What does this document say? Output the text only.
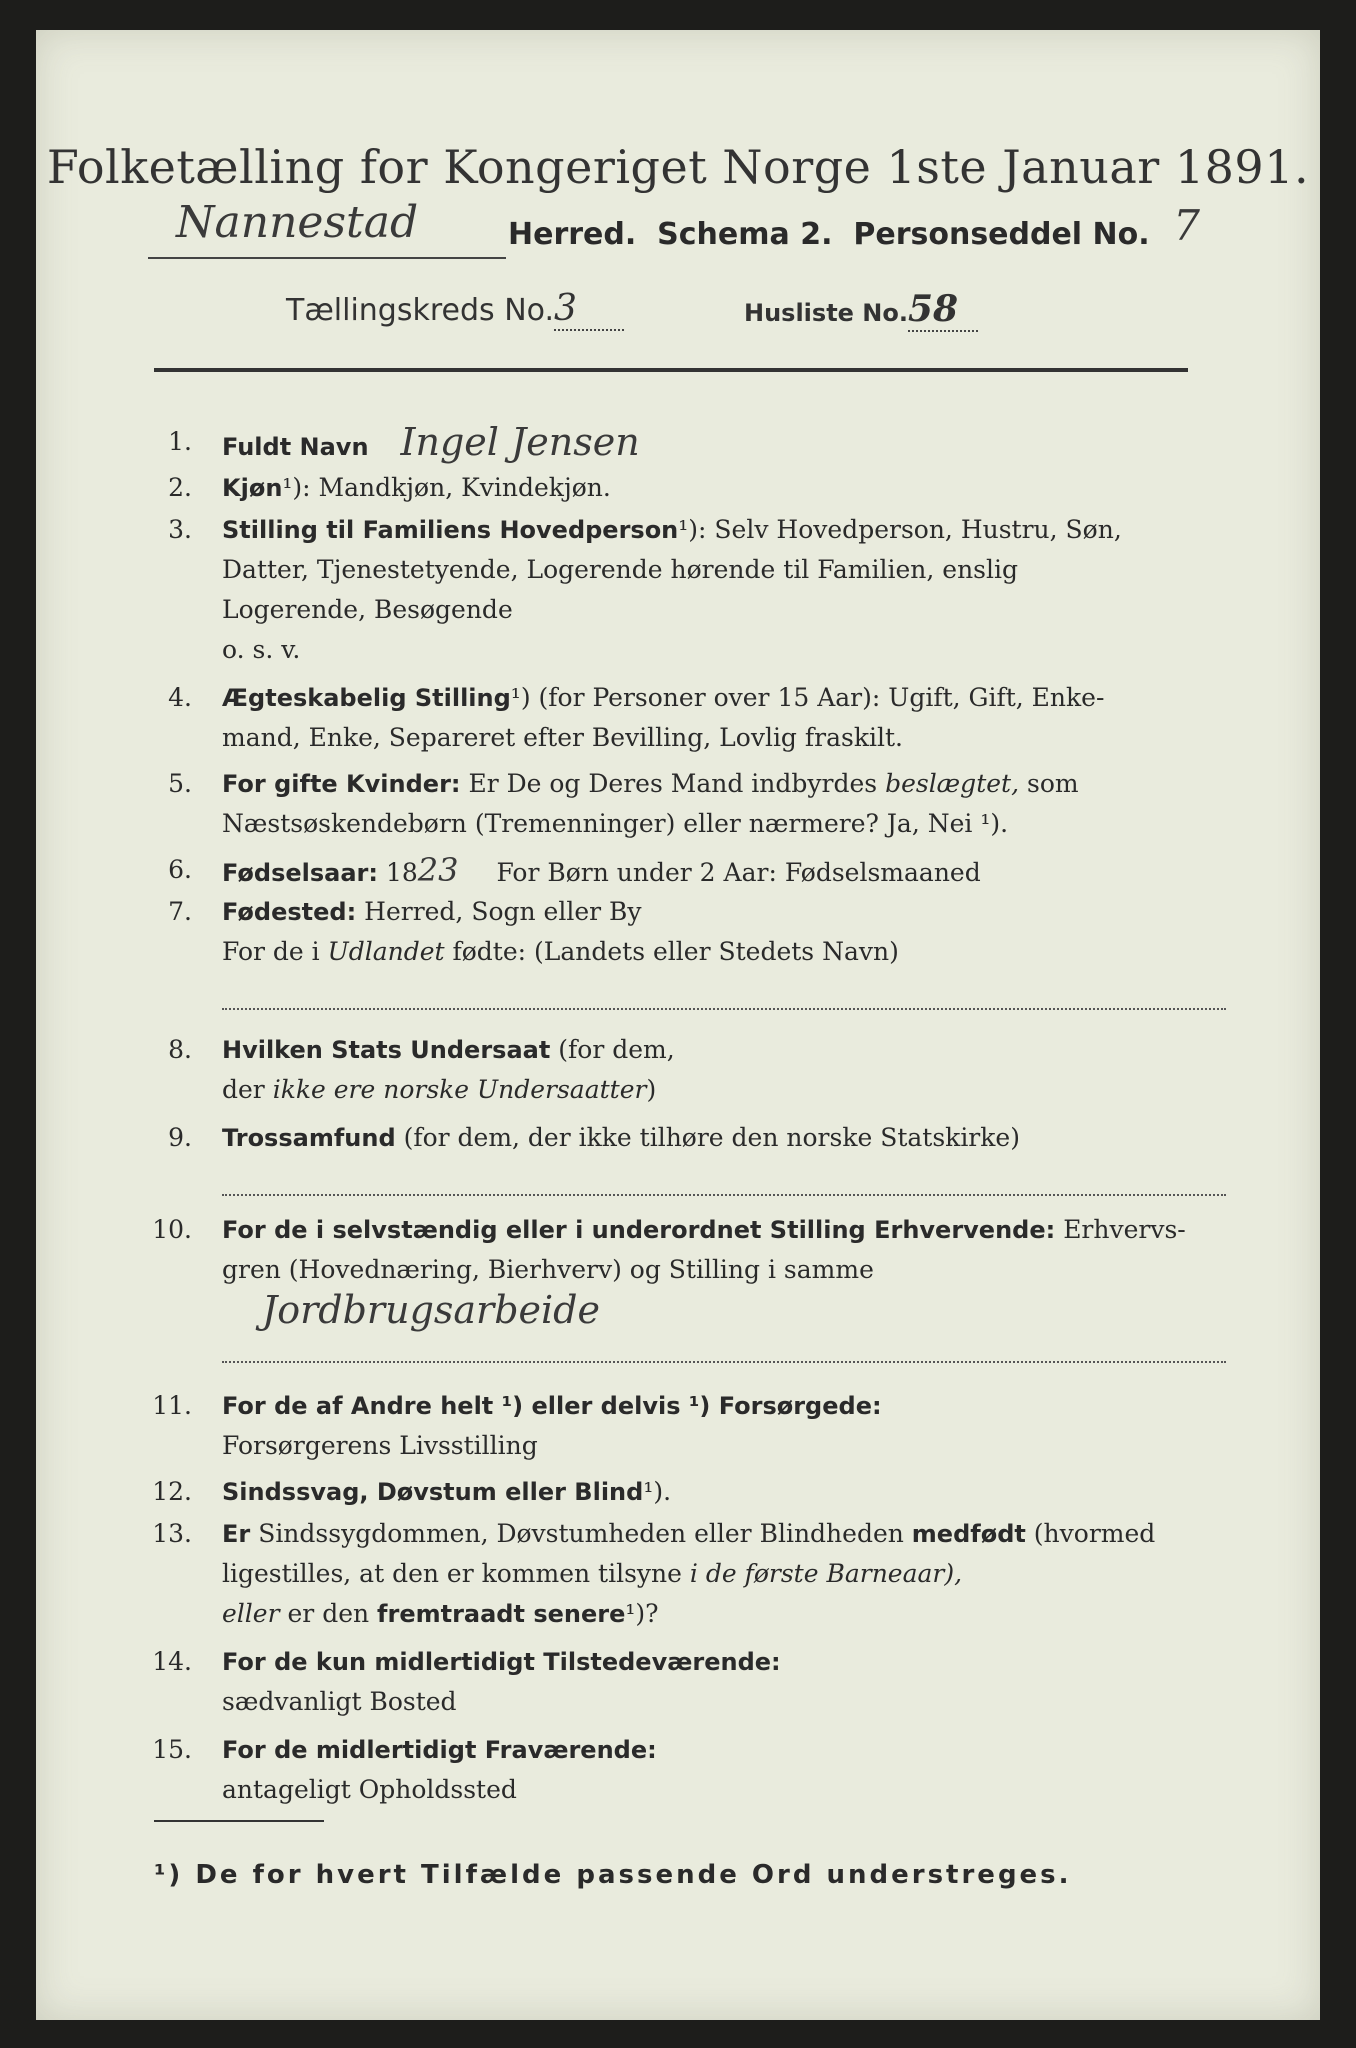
Folketælling for Kongeriget Norge 1ste Januar 1891.
Nannestad	Herred. Schema 2. Personseddel No. 7
Tællingskreds No.3	Husliste No.58
1. Fuldt Navn Ingel Jensen
2. Kjøn¹): Mandkjøn, Kvindekjøn.
3. Stilling til Familiens Hovedperson¹): Selv Hovedperson, Hustru, Søn,
Datter, Tjenestetyende, Logerende hørende til Familien, enslig
Logerende, Besøgende
o. s. v.
4. Ægteskabelig Stilling¹) (for Personer over 15 Aar): Ugift, Gift, Enke-
mand, Enke, Separeret efter Bevilling, Lovlig fraskilt.
5. For gifte Kvinder: Er De og Deres Mand indbyrdes beslægtet, som
Næstsøskendebørn (Tremenninger) eller nærmere? Ja, Nei ¹).
6. Fødselsaar: 1823 For Børn under 2 Aar: Fødselsmaaned
7. Fødested: Herred, Sogn eller By
For de i Udlandet fødte: (Landets eller Stedets Navn)
8. Hvilken Stats Undersaat (for dem,
der ikke ere norske Undersaatter)
9. Trossamfund (for dem, der ikke tilhøre den norske Statskirke)
10. For de i selvstændig eller i underordnet Stilling Erhvervende: Erhvervs-
gren (Hovednæring, Bierhverv) og Stilling i samme
Jordbrugsarbeide
11. For de af Andre helt ¹) eller delvis ¹) Forsørgede:
Forsørgerens Livsstilling
12. Sindssvag, Døvstum eller Blind¹).
13. Er Sindssygdommen, Døvstumheden eller Blindheden medfødt (hvormed
ligestilles, at den er kommen tilsyne i de første Barneaar),
eller er den fremtraadt senere¹)?
14. For de kun midlertidigt Tilstedeværende:
sædvanligt Bosted
15. For de midlertidigt Fraværende:
antageligt Opholdssted
¹) De for hvert Tilfælde passende Ord understreges.
